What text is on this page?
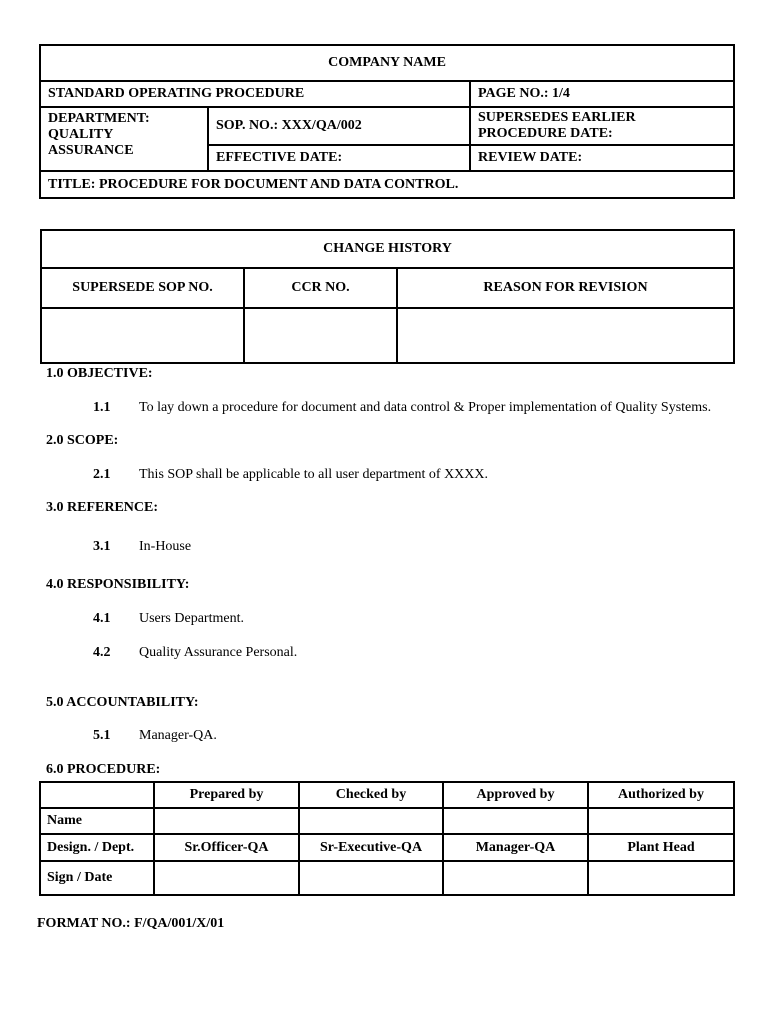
COMPANY NAME		
STANDARD OPERATING PROCEDURE		PAGE NO.: 1/4
DEPARTMENT: QUALITY ASSURANCE	SOP. NO.: XXX/QA/002	SUPERSEDES EARLIER PROCEDURE DATE:
	EFFECTIVE DATE:	REVIEW DATE:
TITLE: PROCEDURE FOR DOCUMENT AND DATA CONTROL.		
CHANGE HISTORY		
SUPERSEDE SOP NO.	CCR NO.	REASON FOR REVISION

1.0 OBJECTIVE:
1.1 To lay down a procedure for document and data control & Proper implementation of Quality Systems.
2.0 SCOPE:
2.1 This SOP shall be applicable to all user department of XXXX.
3.0 REFERENCE:
3.1 In-House
4.0 RESPONSIBILITY:
4.1 Users Department.
4.2 Quality Assurance Personal.
5.0 ACCOUNTABILITY:
5.1 Manager-QA.
6.0 PROCEDURE:
	Prepared by	Checked by	Approved by	Authorized by
Name				
Design. / Dept.	Sr.Officer-QA	Sr-Executive-QA	Manager-QA	Plant Head
Sign / Date				
FORMAT NO.: F/QA/001/X/01
